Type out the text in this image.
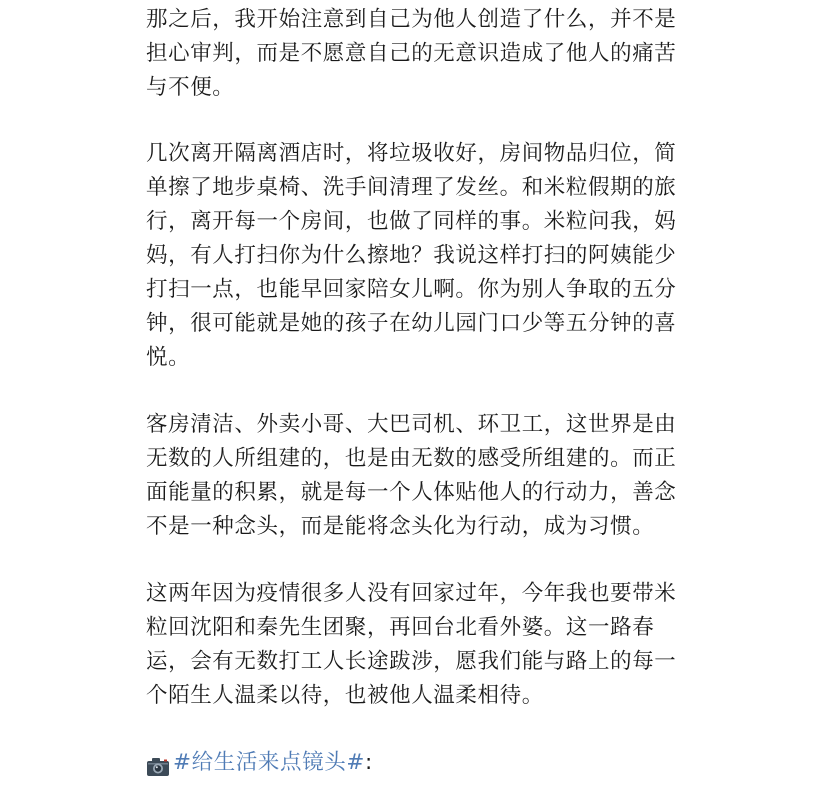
那之后，我开始注意到自己为他人创造了什么，并不是担心审判，而是不愿意自己的无意识造成了他人的痛苦与不便。

几次离开隔离酒店时，将垃圾收好，房间物品归位，简单擦了地步桌椅、洗手间清理了发丝。和米粒假期的旅行，离开每一个房间，也做了同样的事。米粒问我，妈妈，有人打扫你为什么擦地？我说这样打扫的阿姨能少打扫一点，也能早回家陪女儿啊。你为别人争取的五分钟，很可能就是她的孩子在幼儿园门口少等五分钟的喜悦。

客房清洁、外卖小哥、大巴司机、环卫工，这世界是由无数的人所组建的，也是由无数的感受所组建的。而正面能量的积累，就是每一个人体贴他人的行动力，善念不是一种念头，而是能将念头化为行动，成为习惯。

这两年因为疫情很多人没有回家过年，今年我也要带米粒回沈阳和秦先生团聚，再回台北看外婆。这一路春运，会有无数打工人长途跋涉，愿我们能与路上的每一个陌生人温柔以待，也被他人温柔相待。

#给生活来点镜头# :
